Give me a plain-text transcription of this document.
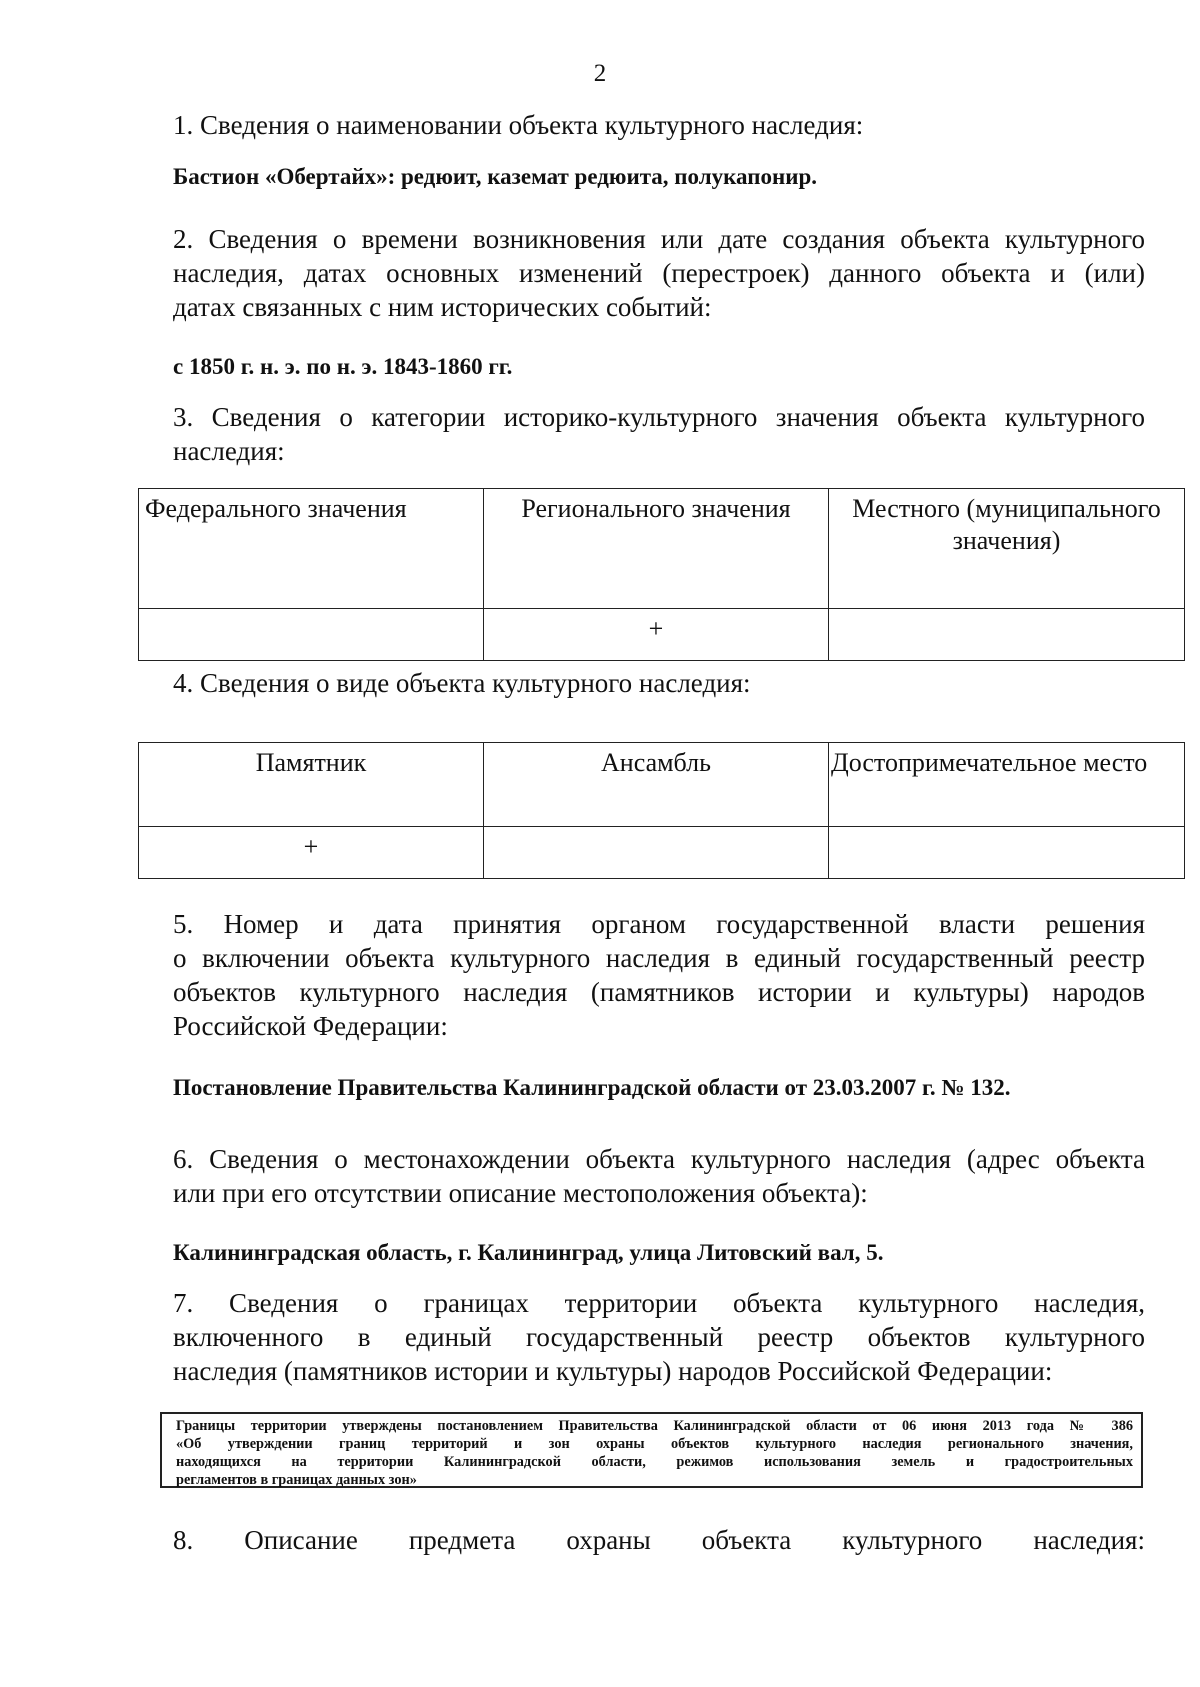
2
1. Сведения о наименовании объекта культурного наследия:
Бастион «Обертайх»: редюит, каземат редюита, полукапонир.
2. Сведения о времени возникновения или дате создания объекта культурного
наследия, датах основных изменений (перестроек) данного объекта и (или)
датах связанных с ним исторических событий:
с 1850 г. н. э. по н. э. 1843-1860 гг.
3. Сведения о категории историко-культурного значения объекта культурного
наследия:
Федерального значения	Регионального значения	Местного (муниципального значения)
	+	
4. Сведения о виде объекта культурного наследия:
Памятник	Ансамбль	Достопримечательное место
+		
5. Номер и дата принятия органом государственной власти решения
о включении объекта культурного наследия в единый государственный реестр
объектов культурного наследия (памятников истории и культуры) народов
Российской Федерации:
Постановление Правительства Калининградской области от 23.03.2007 г. № 132.
6. Сведения о местонахождении объекта культурного наследия (адрес объекта
или при его отсутствии описание местоположения объекта):
Калининградская область, г. Калининград, улица Литовский вал, 5.
7. Сведения о границах территории объекта культурного наследия,
включенного в единый государственный реестр объектов культурного
наследия (памятников истории и культуры) народов Российской Федерации:
Границы территории утверждены постановлением Правительства Калининградской области от 06 июня 2013 года № 386
«Об утверждении границ территорий и зон охраны объектов культурного наследия регионального значения,
находящихся на территории Калининградской области, режимов использования земель и градостроительных
регламентов в границах данных зон»
8. Описание предмета охраны объекта культурного наследия:
